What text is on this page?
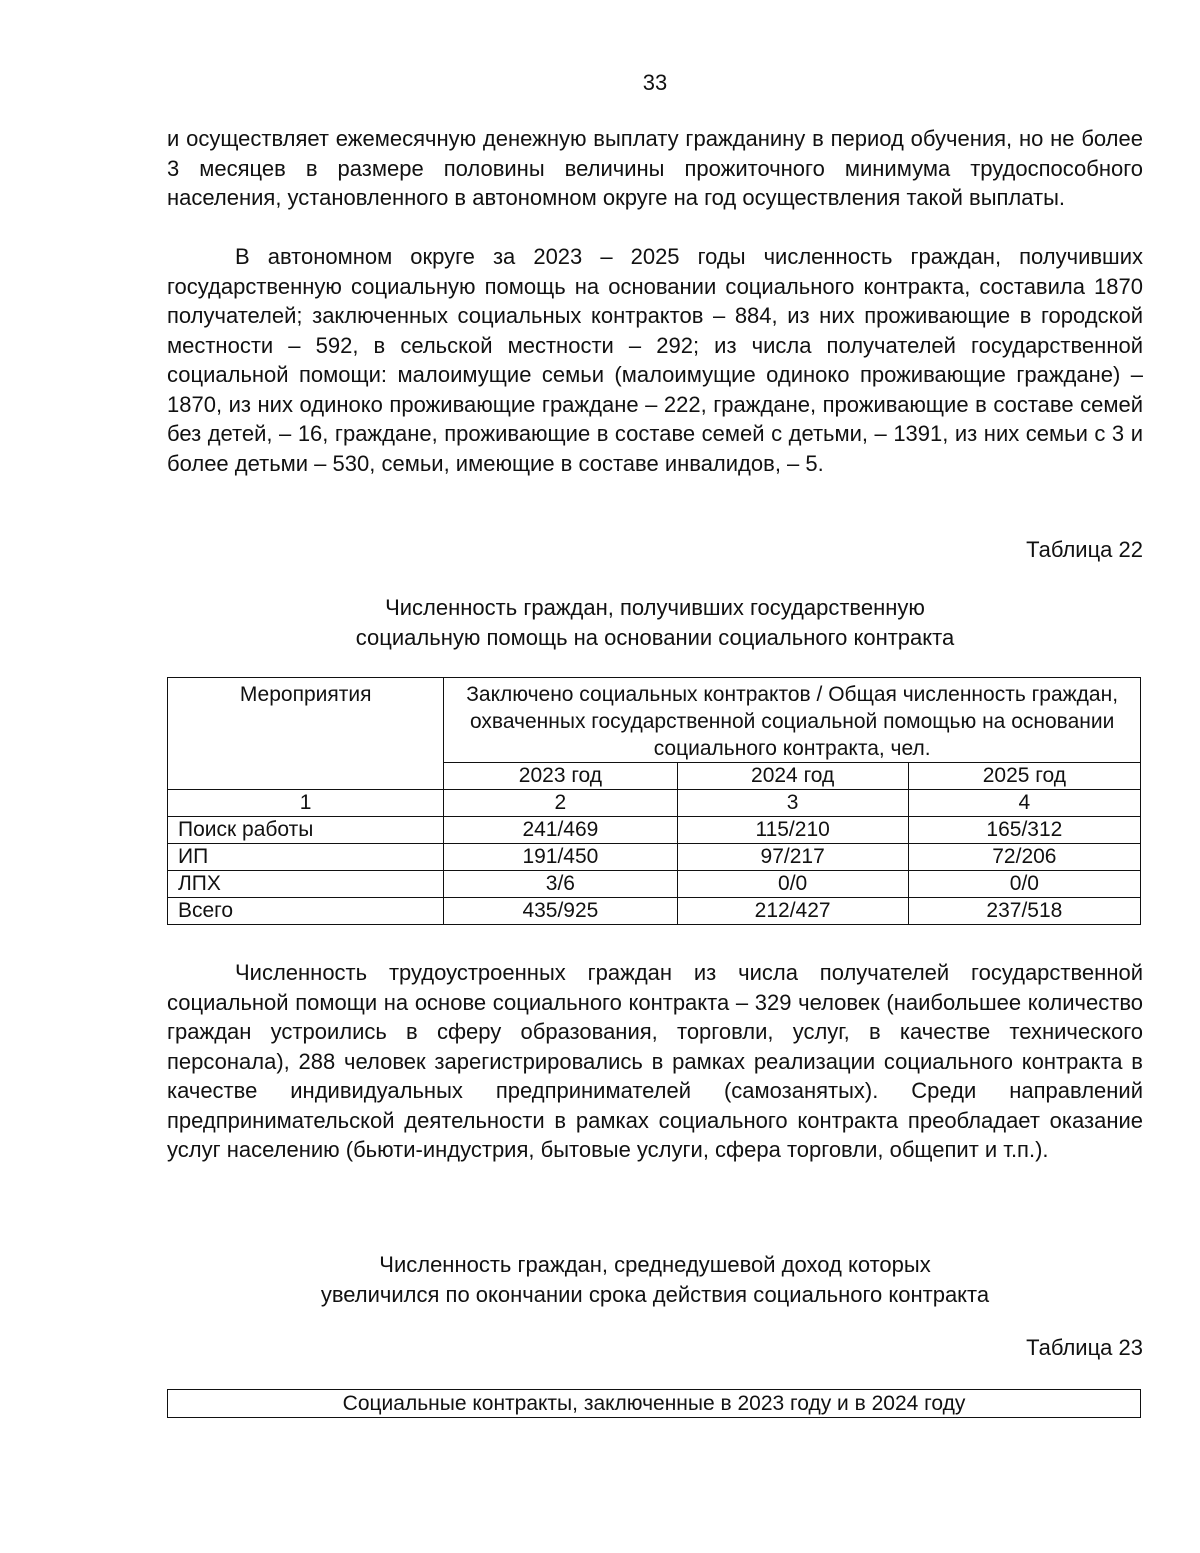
33

и осуществляет ежемесячную денежную выплату гражданину в период обучения, но не более 3 месяцев в размере половины величины прожиточного минимума трудоспособного населения, установленного в автономном округе на год осуществления такой выплаты.

В автономном округе за 2023 – 2025 годы численность граждан, получивших государственную социальную помощь на основании социального контракта, составила 1870 получателей; заключенных социальных контрактов – 884, из них проживающие в городской местности – 592, в сельской местности – 292; из числа получателей государственной социальной помощи: малоимущие семьи (малоимущие одиноко проживающие граждане) – 1870, из них одиноко проживающие граждане – 222, граждане, проживающие в составе семей без детей, – 16, граждане, проживающие в составе семей с детьми, – 1391, из них семьи с 3 и более детьми – 530, семьи, имеющие в составе инвалидов, – 5.

Таблица 22

Численность граждан, получивших государственную
социальную помощь на основании социального контракта

Мероприятия	Заключено социальных контрактов / Общая численность граждан, охваченных государственной социальной помощью на основании социального контракта, чел.		
	2023 год	2024 год	2025 год
1	2	3	4
Поиск работы	241/469	115/210	165/312
ИП	191/450	97/217	72/206
ЛПХ	3/6	0/0	0/0
Всего	435/925	212/427	237/518

Численность трудоустроенных граждан из числа получателей государственной социальной помощи на основе социального контракта – 329 человек (наибольшее количество граждан устроились в сферу образования, торговли, услуг, в качестве технического персонала), 288 человек зарегистрировались в рамках реализации социального контракта в качестве индивидуальных предпринимателей (самозанятых). Среди направлений предпринимательской деятельности в рамках социального контракта преобладает оказание услуг населению (бьюти-индустрия, бытовые услуги, сфера торговли, общепит и т.п.).

Численность граждан, среднедушевой доход которых
увеличился по окончании срока действия социального контракта

Таблица 23
Социальные контракты, заключенные в 2023 году и в 2024 году
